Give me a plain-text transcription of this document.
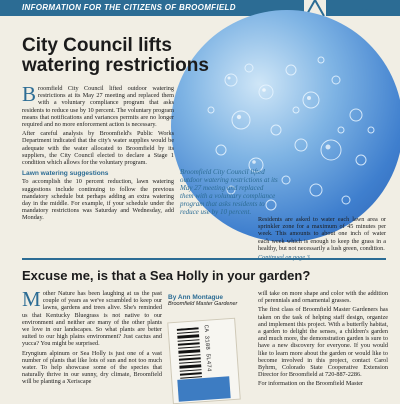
INFORMATION FOR THE CITIZENS OF BROOMFIELD	Virus
City Council lifts
watering restrictions

Broomfield City Council lifted outdoor watering restrictions at its May 27 meeting and replaced them with a voluntary compliance program that asks residents to reduce use by 10 percent. The voluntary program means that notifications and variances permits are no longer required and no more enforcement action is necessary.

After careful analysis by Broomfield's Public Works Department indicated that the city's water supplies would be adequate with the water allocated to Broomfield by its suppliers, the City Council elected to declare a Stage 1 condition which allows for the voluntary program.

Lawn watering suggestions

To accomplish the 10 percent reduction, lawn watering suggestions include continuing to follow the previous mandatory schedule but perhaps adding an extra watering day in the middle. For example, if your schedule under the mandatory restrictions was Saturday and Wednesday, add Monday.

Broomfield City Council lifted outdoor watering restrictions at its May 27 meeting and replaced them with a voluntary compliance program that asks residents to reduce use by 10 percent.

Residents are asked to water each lawn area or sprinkler zone for a maximum of 45 minutes per week. This amounts to about one inch of water each week which is enough to keep the grass in a healthy, but not necessarily a lush green, condition.

Excuse me, is that a Sea Holly in your garden?

Mother Nature has been laughing at us the past couple of years as we've scrambled to keep our lawns, gardens and trees alive. She's reminded us that Kentucky Bluegrass is not native to our environment and neither are many of the other plants we love in our landscapes. So what plants are better suited to our high plains environment? Just cactus and yucca? You might be surprised.

Eryngium alpinum or Sea Holly is just one of a vast number of plants that like lots of sun and not too much water. To help showcase some of the species that naturally thrive in our sunny, dry climate, Broomfield will be planting a Xeriscape

By Ann Montague
Broomfield Master Gardener
CA 3108 5L474

will take on more shape and color with the addition of perennials and ornamental grasses.

The first class of Broomfield Master Gardeners has taken on the task of helping staff design, organize and implement this project. With a butterfly habitat, a garden to delight the senses, a children's garden and much more, the demonstration garden is sure to have a new discovery for everyone. If you would like to learn more about the garden or would like to become involved in this project, contact Carol Byhrm, Colorado State Cooperative Extension Director for Broomfield at 720-887-2286.

For information on the Broomfield Master
